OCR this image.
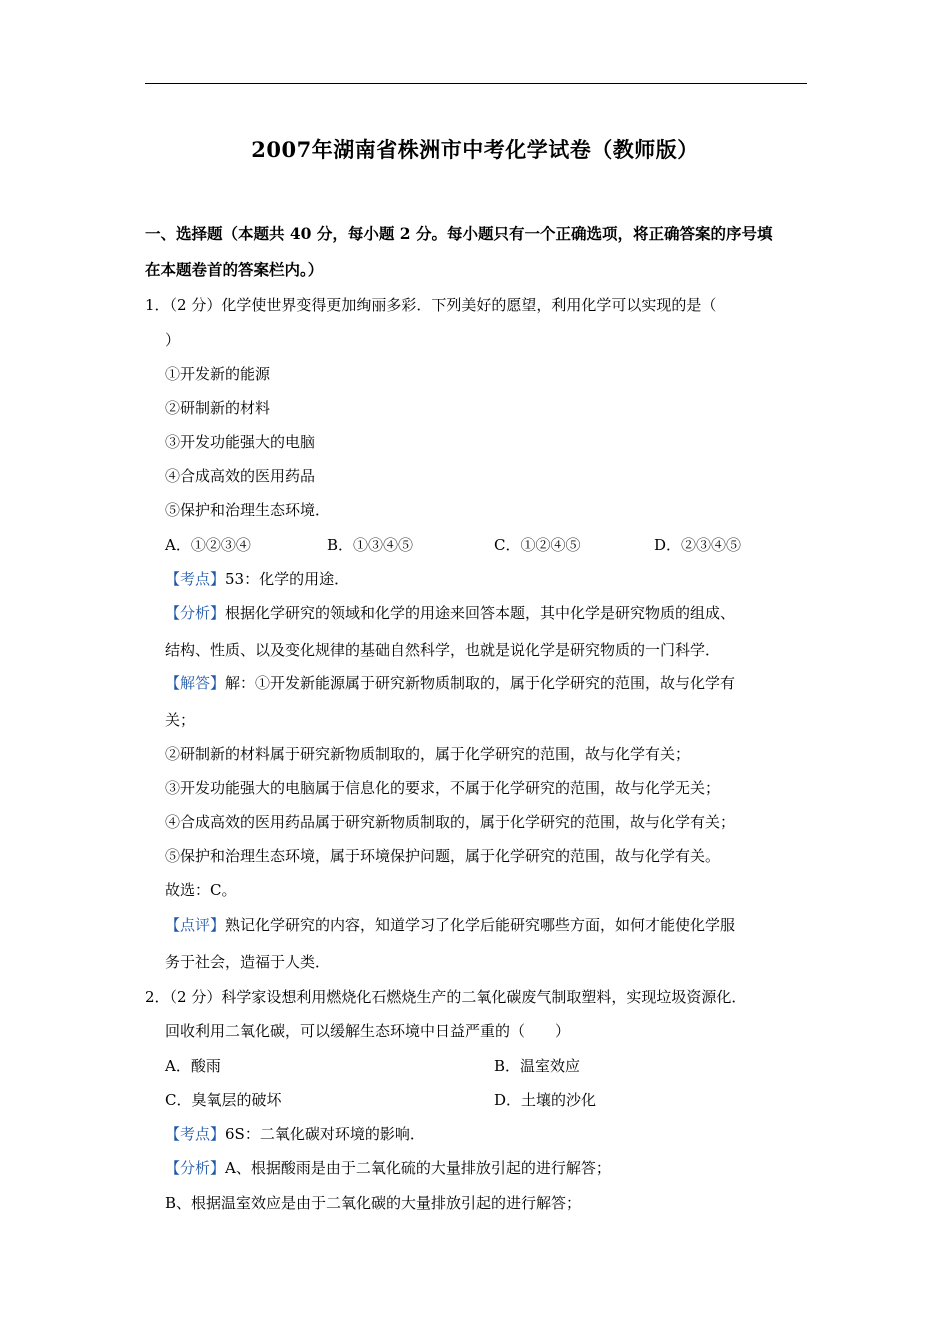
2007年湖南省株洲市中考化学试卷（教师版）
一、选择题（本题共 40 分，每小题 2 分。每小题只有一个正确选项，将正确答案的序号填
在本题卷首的答案栏内。）
1．（2 分）化学使世界变得更加绚丽多彩．下列美好的愿望，利用化学可以实现的是（
）
①开发新的能源
②研制新的材料
③开发功能强大的电脑
④合成高效的医用药品
⑤保护和治理生态环境．
A．①②③④	B．①③④⑤	C．①②④⑤	D．②③④⑤
【考点】53：化学的用途．
【分析】根据化学研究的领域和化学的用途来回答本题，其中化学是研究物质的组成、
结构、性质、以及变化规律的基础自然科学，也就是说化学是研究物质的一门科学．
【解答】解：①开发新能源属于研究新物质制取的，属于化学研究的范围，故与化学有
关；
②研制新的材料属于研究新物质制取的，属于化学研究的范围，故与化学有关；
③开发功能强大的电脑属于信息化的要求，不属于化学研究的范围，故与化学无关；
④合成高效的医用药品属于研究新物质制取的，属于化学研究的范围，故与化学有关；
⑤保护和治理生态环境，属于环境保护问题，属于化学研究的范围，故与化学有关。
故选：C。
【点评】熟记化学研究的内容，知道学习了化学后能研究哪些方面，如何才能使化学服
务于社会，造福于人类．
2．（2 分）科学家设想利用燃烧化石燃烧生产的二氧化碳废气制取塑料，实现垃圾资源化．
回收利用二氧化碳，可以缓解生态环境中日益严重的（　　）
A．酸雨	B．温室效应
C．臭氧层的破坏	D．土壤的沙化
【考点】6S：二氧化碳对环境的影响．
【分析】A、根据酸雨是由于二氧化硫的大量排放引起的进行解答；
B、根据温室效应是由于二氧化碳的大量排放引起的进行解答；
